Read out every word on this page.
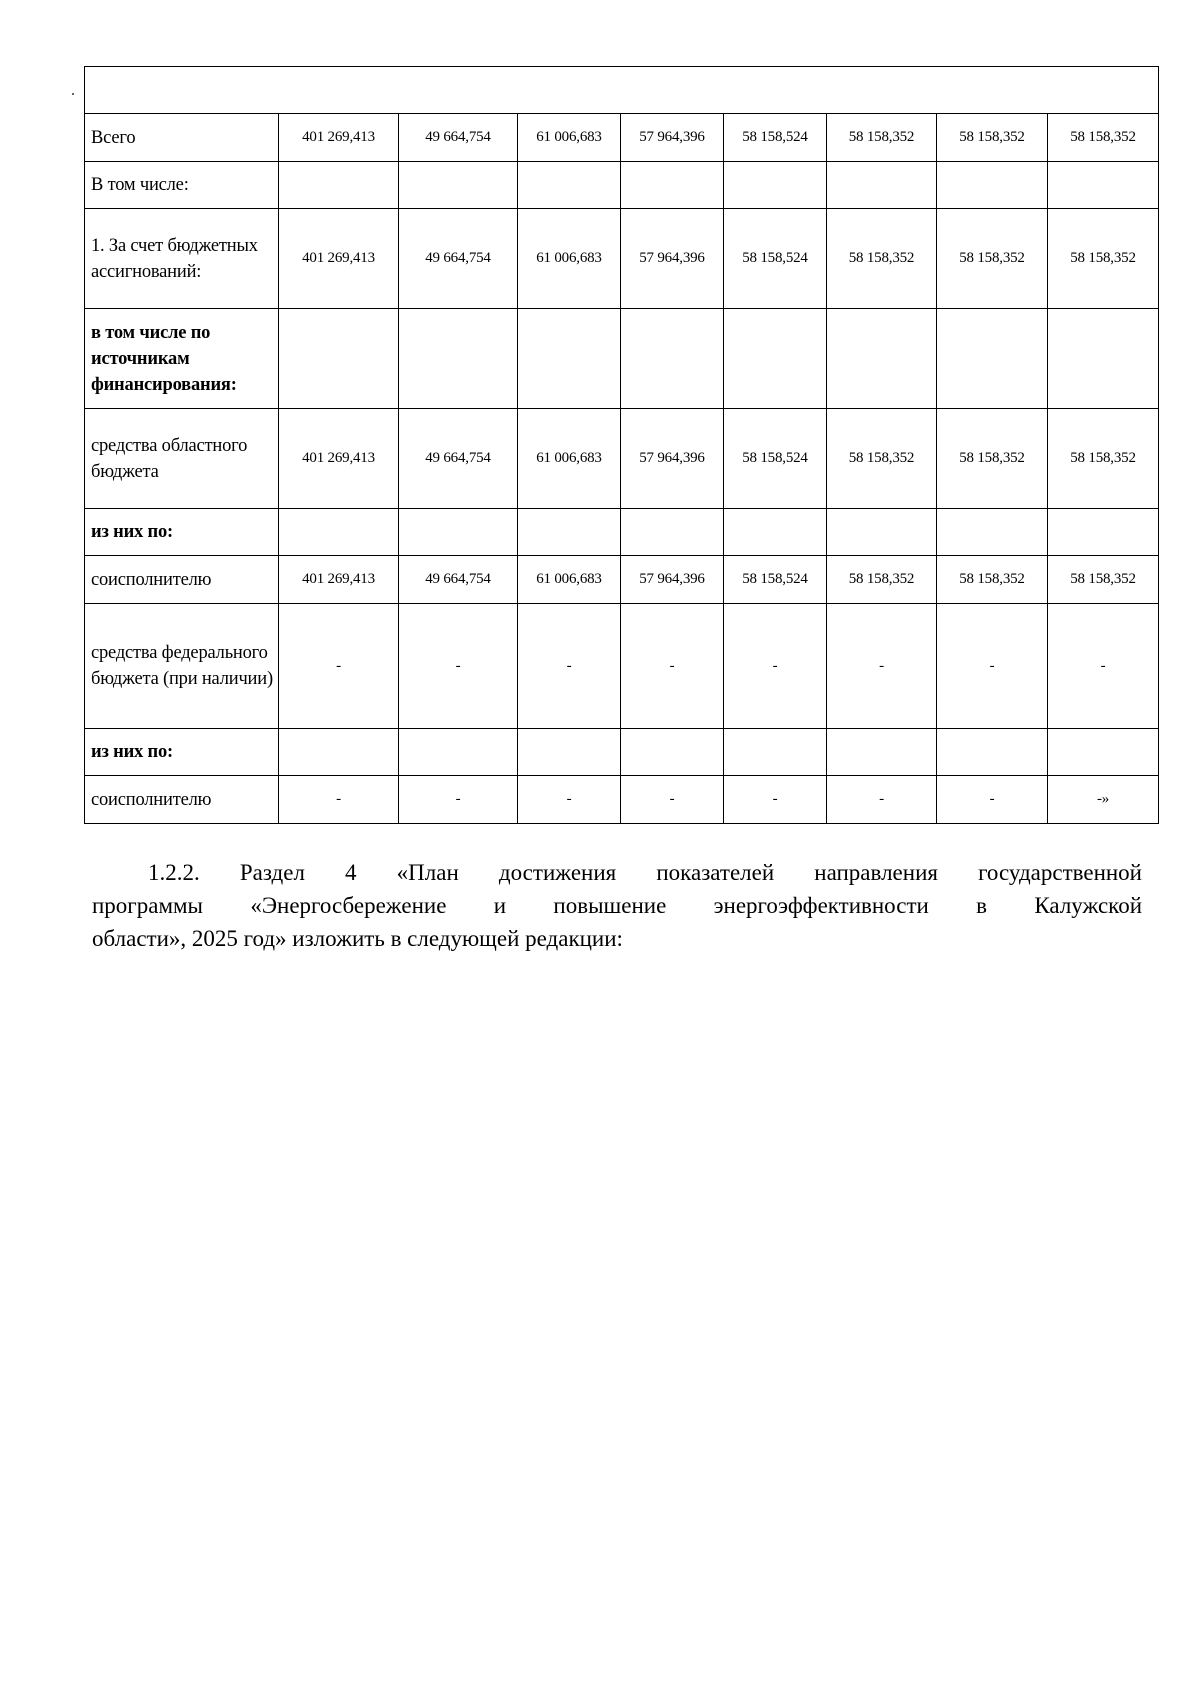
Всего	401 269,413	49 664,754	61 006,683	57 964,396	58 158,524	58 158,352	58 158,352	58 158,352
В том числе:								
1. За счет бюджетных ассигнований:	401 269,413	49 664,754	61 006,683	57 964,396	58 158,524	58 158,352	58 158,352	58 158,352
в том числе по источникам финансирования:								
средства областного бюджета	401 269,413	49 664,754	61 006,683	57 964,396	58 158,524	58 158,352	58 158,352	58 158,352
из них по:								
соисполнителю	401 269,413	49 664,754	61 006,683	57 964,396	58 158,524	58 158,352	58 158,352	58 158,352
средства федерального бюджета (при наличии)	-	-	-	-	-	-	-	-
из них по:								
соисполнителю	-	-	-	-	-	-	-	-»
1.2.2. Раздел 4 «План достижения показателей направления государственной
программы «Энергосбережение и повышение энергоэффективности в Калужской
области», 2025 год» изложить в следующей редакции:
